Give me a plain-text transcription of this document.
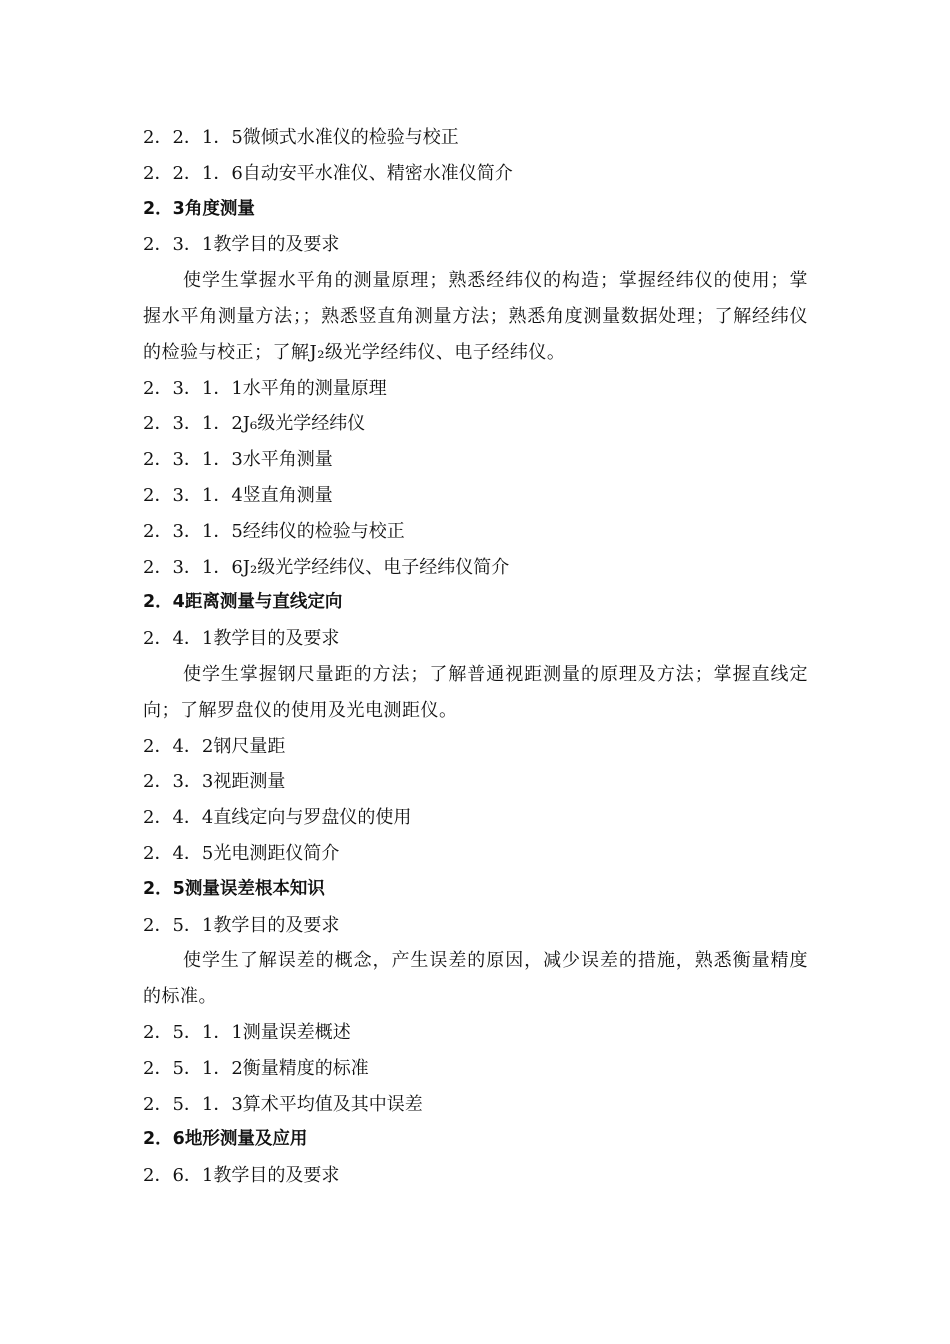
2．2．1．5微倾式水准仪的检验与校正
2．2．1．6自动安平水准仪、精密水准仪简介
2．3角度测量
2．3．1教学目的及要求
使学生掌握水平角的测量原理；熟悉经纬仪的构造；掌握经纬仪的使用；掌握水平角测量方法；；熟悉竖直角测量方法；熟悉角度测量数据处理；了解经纬仪的检验与校正；了解J₂级光学经纬仪、电子经纬仪。
2．3．1．1水平角的测量原理
2．3．1．2J₆级光学经纬仪
2．3．1．3水平角测量
2．3．1．4竖直角测量
2．3．1．5经纬仪的检验与校正
2．3．1．6J₂级光学经纬仪、电子经纬仪简介
2．4距离测量与直线定向
2．4．1教学目的及要求
使学生掌握钢尺量距的方法；了解普通视距测量的原理及方法；掌握直线定向；了解罗盘仪的使用及光电测距仪。
2．4．2钢尺量距
2．3．3视距测量
2．4．4直线定向与罗盘仪的使用
2．4．5光电测距仪简介
2．5测量误差根本知识
2．5．1教学目的及要求
使学生了解误差的概念，产生误差的原因，减少误差的措施，熟悉衡量精度的标准。
2．5．1．1测量误差概述
2．5．1．2衡量精度的标准
2．5．1．3算术平均值及其中误差
2．6地形测量及应用
2．6．1教学目的及要求
